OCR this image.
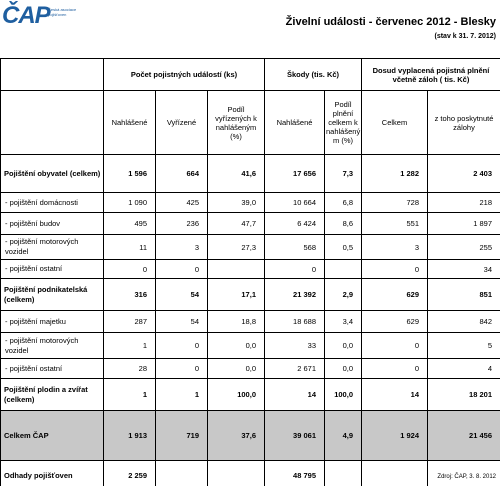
ČAP
Česká asociace pojišťoven
Živelní události - červenec 2012 - Blesky
(stav k 31. 7. 2012)
	Počet pojistných událostí (ks)			Škody (tis. Kč)		Dosud vyplacená pojistná plnění včetně záloh ( tis. Kč)	
	Nahlášené	Vyřízené	Podíl vyřízených k nahlášeným (%)	Nahlášené	Podíl plnění celkem k nahlášený m (%)	Celkem	z toho poskytnuté zálohy
Pojištění obyvatel (celkem)	1 596	664	41,6	17 656	7,3	1 282	2 403
- pojištění domácnosti	1 090	425	39,0	10 664	6,8	728	218
- pojištění budov	495	236	47,7	6 424	8,6	551	1 897
- pojištění motorových vozidel	11	3	27,3	568	0,5	3	255
- pojištění ostatní	0	0		0		0	34
Pojištění podnikatelská (celkem)	316	54	17,1	21 392	2,9	629	851
- pojištění majetku	287	54	18,8	18 688	3,4	629	842
- pojištění motorových vozidel	1	0	0,0	33	0,0	0	5
- pojištění ostatní	28	0	0,0	2 671	0,0	0	4
Pojištění plodin a zvířat (celkem)	1	1	100,0	14	100,0	14	18 201
Celkem ČAP	1 913	719	37,6	39 061	4,9	1 924	21 456
Odhady pojišťoven	2 259			48 795				Zdroj: ČAP, 3. 8. 2012
